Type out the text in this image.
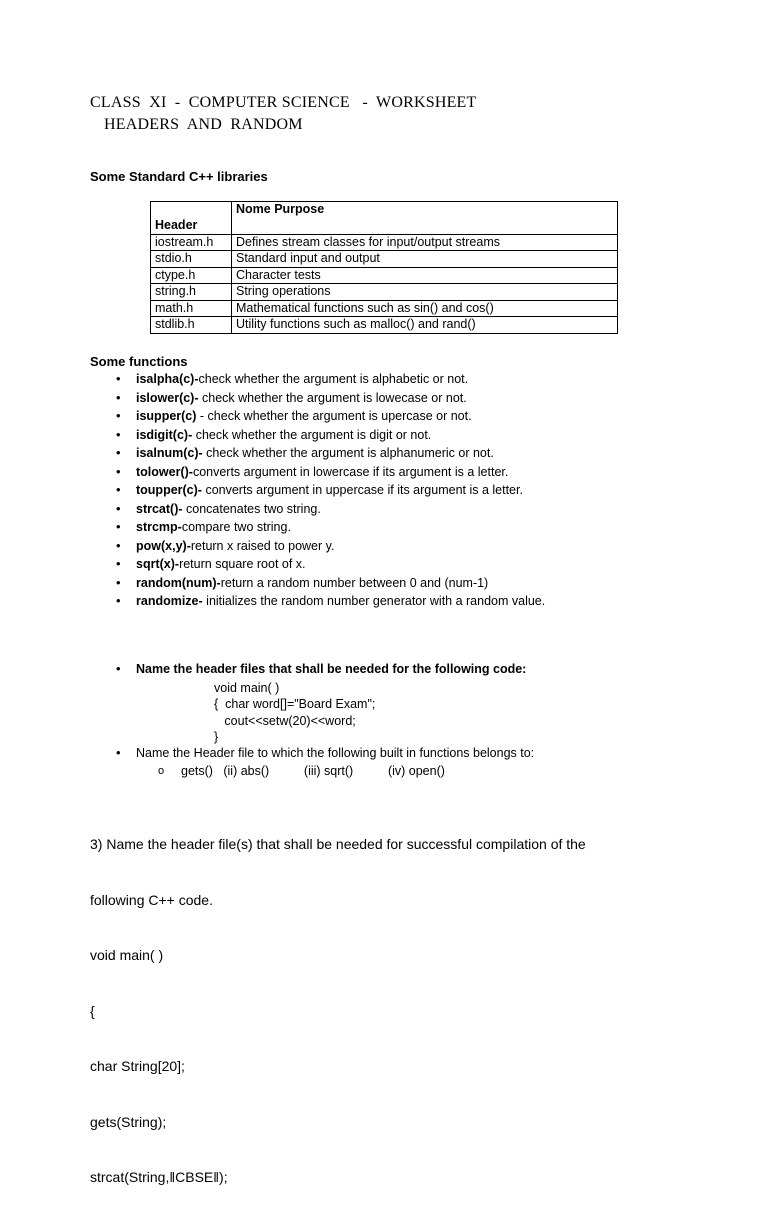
CLASS  XI  -  COMPUTER SCIENCE   -  WORKSHEET
HEADERS  AND  RANDOM
Some Standard C++ libraries
Header	Nome Purpose
iostream.h	Defines stream classes for input/output streams
stdio.h	Standard input and output
ctype.h	Character tests
string.h	String operations
math.h	Mathematical functions such as sin() and cos()
stdlib.h	Utility functions such as malloc() and rand()
Some functions
• isalpha(c)-check whether the argument is alphabetic or not.
• islower(c)- check whether the argument is lowecase or not.
• isupper(c) - check whether the argument is upercase or not.
• isdigit(c)- check whether the argument is digit or not.
• isalnum(c)- check whether the argument is alphanumeric or not.
• tolower()-converts argument in lowercase if its argument is a letter.
• toupper(c)- converts argument in uppercase if its argument is a letter.
• strcat()- concatenates two string.
• strcmp-compare two string.
• pow(x,y)-return x raised to power y.
• sqrt(x)-return square root of x.
• random(num)-return a random number between 0 and (num-1)
• randomize- initializes the random number generator with a random value.
• Name the header files that shall be needed for the following code:
void main( )
{  char word[]="Board Exam";
cout<<setw(20)<<word;
}
• Name the Header file to which the following built in functions belongs to:
o gets()   (ii) abs()          (iii) sqrt()          (iv) open()

3) Name the header file(s) that shall be needed for successful compilation of the

following C++ code.

void main( )

{

char String[20];

gets(String);

strcat(String,‖CBSE‖);
